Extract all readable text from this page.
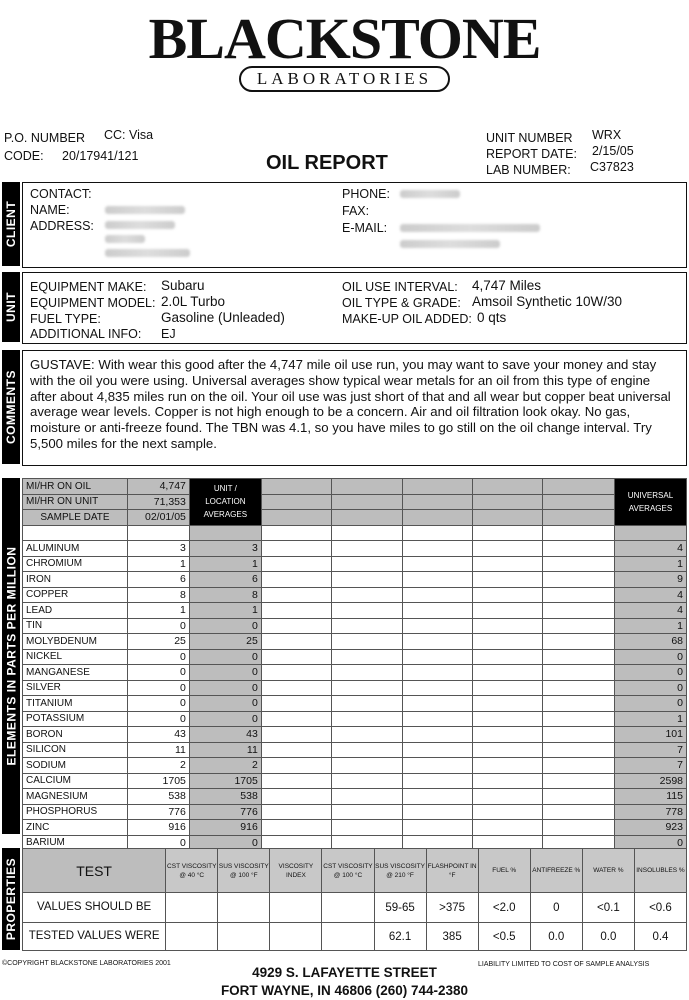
BLACKSTONE
LABORATORIES
P.O. NUMBER CC: Visa
CODE: 20/17941/121	OIL REPORT
UNIT NUMBER WRX
REPORT DATE: 2/15/05
LAB NUMBER: C37823
CLIENT
CONTACT:
NAME:
ADDRESS:
PHONE:
FAX:
E-MAIL:
UNIT
EQUIPMENT MAKE: Subaru
EQUIPMENT MODEL: 2.0L Turbo
FUEL TYPE:	Gasoline (Unleaded)
ADDITIONAL INFO: EJ
OIL USE INTERVAL: 4,747 Miles
OIL TYPE & GRADE: Amsoil Synthetic 10W/30
MAKE-UP OIL ADDED: 0 qts
COMMENTS
GUSTAVE: With wear this good after the 4,747 mile oil use run, you may want to save your money and stay with the oil you were using. Universal averages show typical wear metals for an oil from this type of engine after about 4,835 miles run on the oil. Your oil use was just short of that and all wear but copper beat universal average wear levels. Copper is not high enough to be a concern. Air and oil filtration look okay. No gas, moisture or anti-freeze found. The TBN was 4.1, so you have miles to go still on the oil change interval. Try 5,500 miles for the next sample.
ELEMENTS IN PARTS PER MILLION
MI/HR ON OIL	4,747	UNIT / LOCATION AVERAGES						UNIVERSAL AVERAGES
MI/HR ON UNIT	71,353							
SAMPLE DATE	02/01/05							

ALUMINUM	3	3						4
CHROMIUM	1	1						1
IRON	6	6						9
COPPER	8	8						4
LEAD	1	1						4
TIN	0	0						1
MOLYBDENUM	25	25						68
NICKEL	0	0						0
MANGANESE	0	0						0
SILVER	0	0						0
TITANIUM	0	0						0
POTASSIUM	0	0						1
BORON	43	43						101
SILICON	11	11						7
SODIUM	2	2						7
CALCIUM	1705	1705						2598
MAGNESIUM	538	538						115
PHOSPHORUS	776	776						778
ZINC	916	916						923
BARIUM	0	0						0
PROPERTIES	TEST	CST VISCOSITY @ 40 °C	SUS VISCOSITY @ 100 °F	VISCOSITY INDEX	CST VISCOSITY @ 100 °C	SUS VISCOSITY @ 210 °F	FLASHPOINT IN °F	FUEL %	ANTIFREEZE %	WATER %	INSOLUBLES %
VALUES SHOULD BE					59-65	>375	<2.0	0	<0.1	<0.6
TESTED VALUES WERE					62.1	385	<0.5	0.0	0.0	0.4
©COPYRIGHT BLACKSTONE LABORATORIES 2001	LIABILITY LIMITED TO COST OF SAMPLE ANALYSIS
4929 S. LAFAYETTE STREET
FORT WAYNE, IN 46806 (260) 744-2380
